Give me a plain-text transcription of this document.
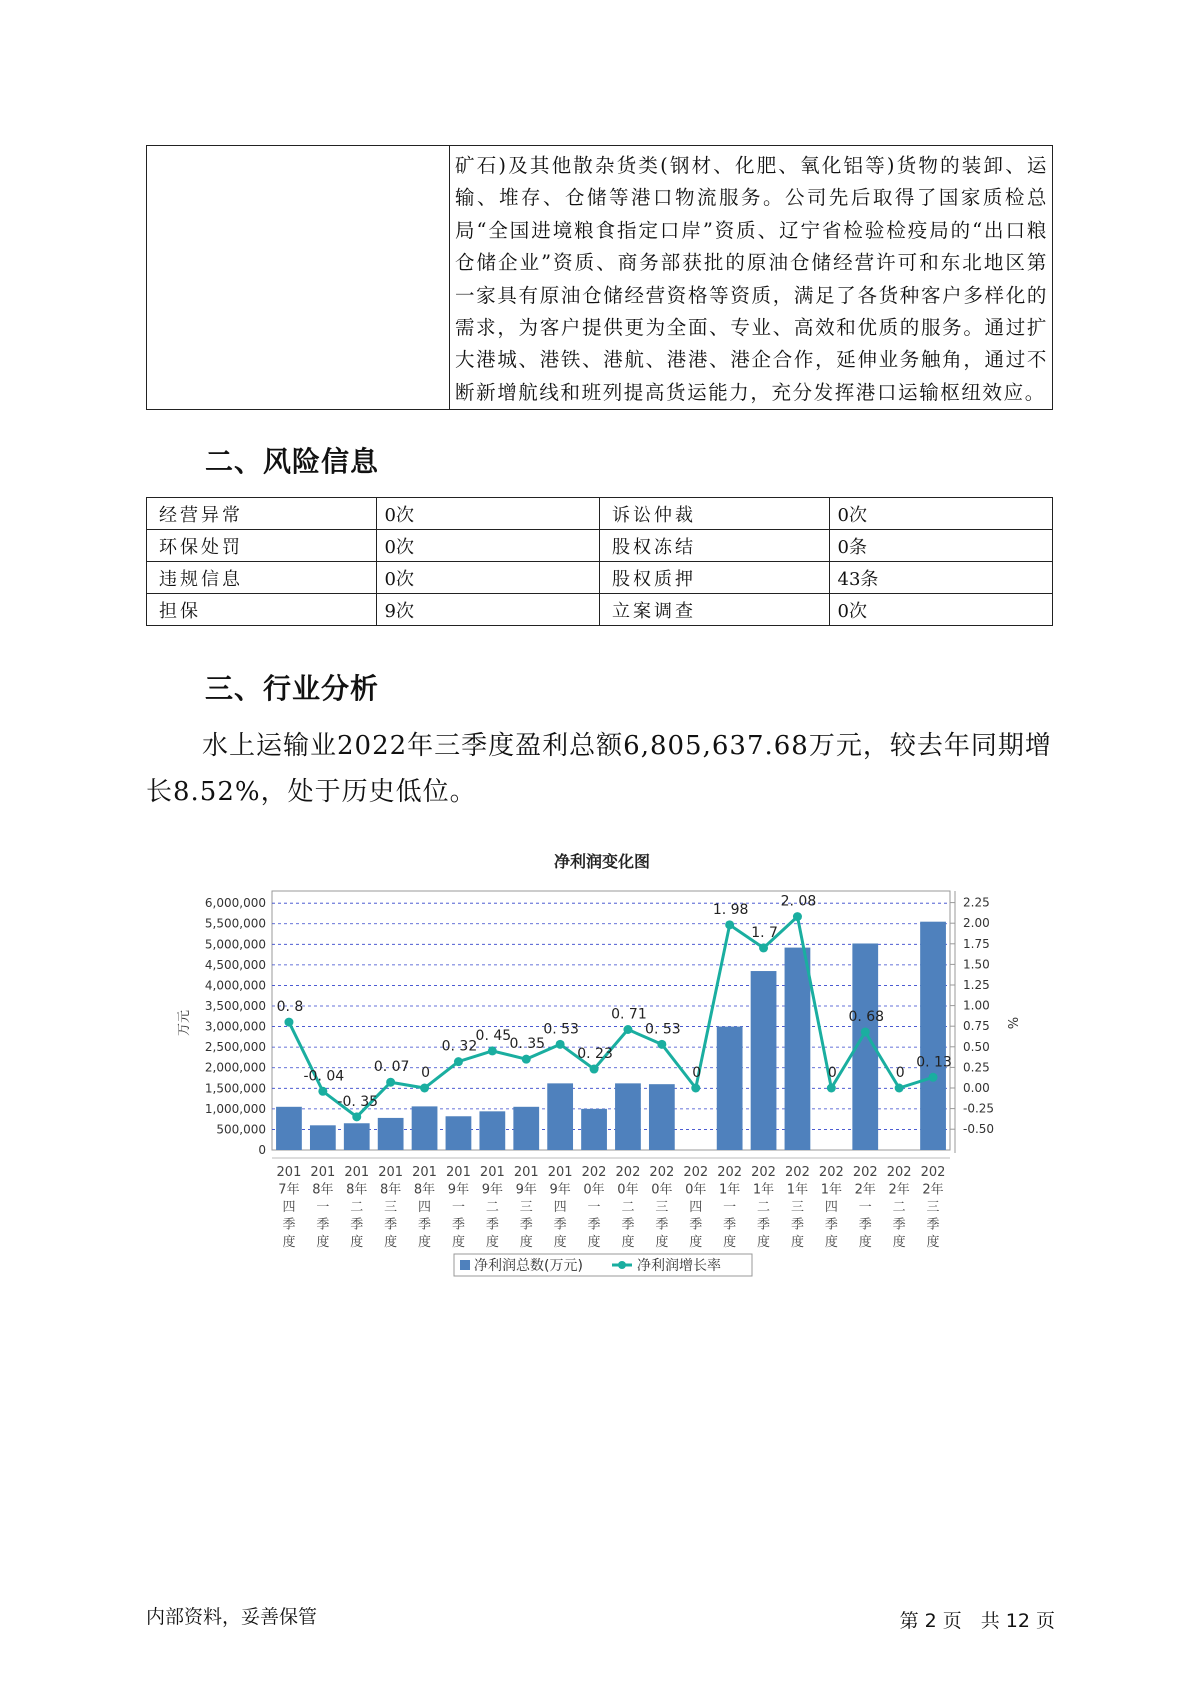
矿石)及其他散杂货类(钢材、化肥、氧化铝等)货物的装卸、运输、堆存、仓储等港口物流服务。公司先后取得了国家质检总局“全国进境粮食指定口岸”资质、辽宁省检验检疫局的“出口粮仓储企业”资质、商务部获批的原油仓储经营许可和东北地区第一家具有原油仓储经营资格等资质，满足了各货种客户多样化的需求，为客户提供更为全面、专业、高效和优质的服务。通过扩大港城、港铁、港航、港港、港企合作，延伸业务触角，通过不断新增航线和班列提高货运能力，充分发挥港口运输枢纽效应。
二、风险信息
经营异常	0次	诉讼仲裁	0次
环保处罚	0次	股权冻结	0条
违规信息	0次	股权质押	43条
担保	9次	立案调查	0次
三、行业分析
水上运输业2022年三季度盈利总额6,805,637.68万元，较去年同期增长8.52%，处于历史低位。
净利润变化图
0. 8
-0. 04
-0. 35
0. 07 0
0. 32
0. 45
0. 35
0. 53
0. 23
0. 71
0. 53
0
1. 98
1. 7
2. 08
0
0. 68
0
0. 13
0
500,000
1,000,000
1,500,000
2,000,000
2,500,000
3,000,000
3,500,000
4,000,000
4,500,000
5,000,000
5,500,000
6,000,000
-0.50
-0.25
0.00
0.25
0.50
0.75
1.00
1.25
1.50
1.75
2.00
2.25
201
7年
四
季
度
201
8年
一
季
度
201
8年
二
季
度
201
8年
三
季
度
201
8年
四
季
度
201
9年
一
季
度
201
9年
二
季
度
201
9年
三
季
度
201
9年
四
季
度
202
0年
一
季
度
202
0年
二
季
度
202
0年
三
季
度
202
0年
四
季
度
202
1年
一
季
度
202
1年
二
季
度
202
1年
三
季
度
202
1年
四
季
度
202
2年
一
季
度
202
2年
二
季
度
202
2年
三
季
度
万元	%
净利润总数(万元)	净利润增长率
内部资料，妥善保管	第 2 页　共 12 页
